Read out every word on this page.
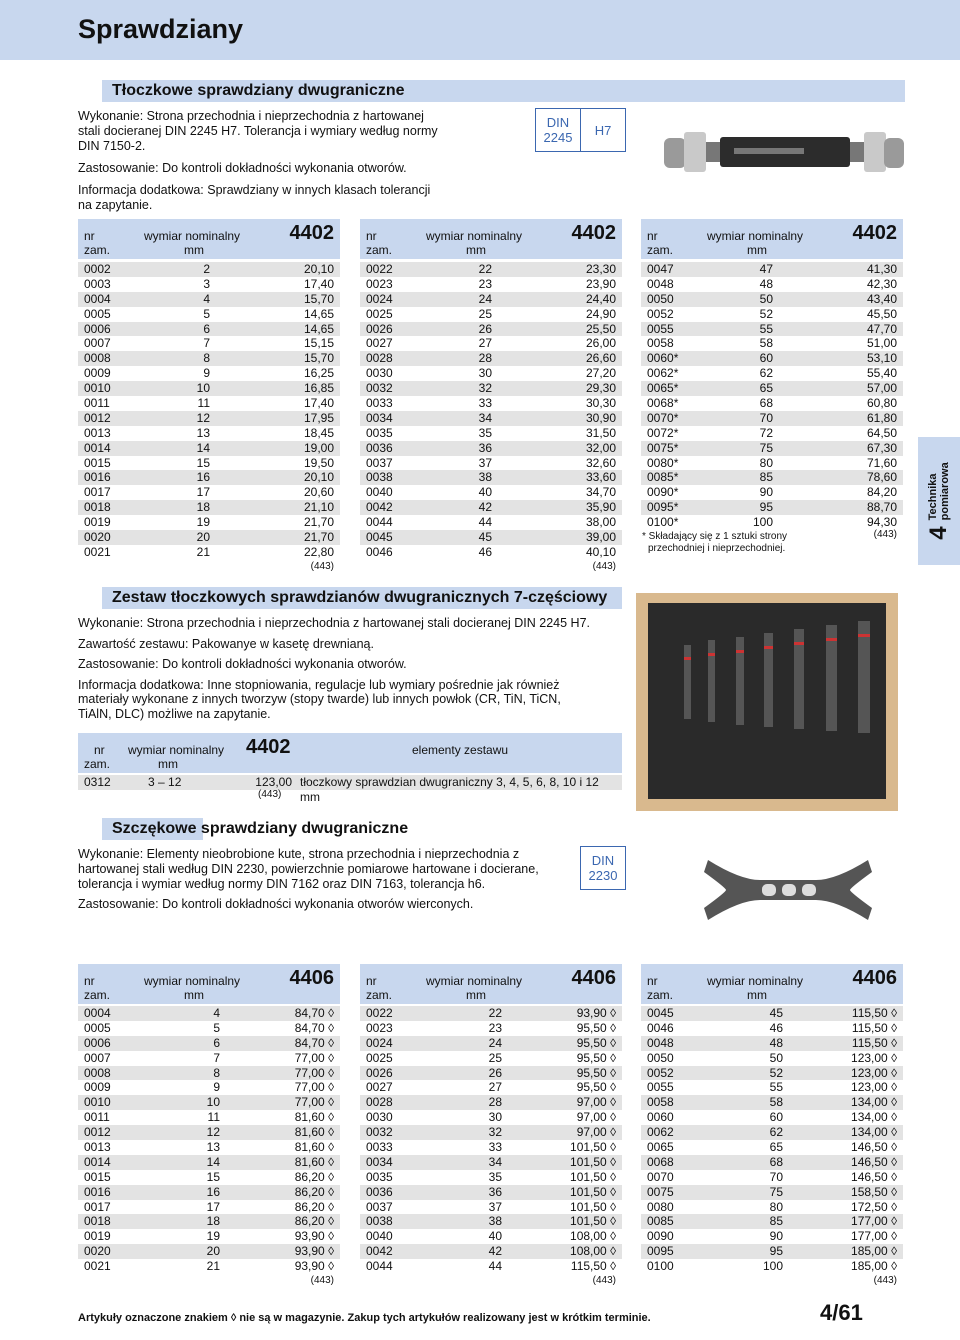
Sprawdziany
Tłoczkowe sprawdziany dwugraniczne
Wykonanie: Strona przechodnia i nieprzechodnia z hartowanej
stali docieranej DIN 2245 H7. Tolerancja i wymiary według normy
DIN 7150-2.
Zastosowanie: Do kontroli dokładności wykonania otworów.
Informacja dodatkowa: Sprawdziany w innych klasach tolerancji
na zapytanie.
DIN
2245	H7
nr
zam.
wymiar nominalny
mm
4402
0002	2	20,10
0003	3	17,40
0004	4	15,70
0005	5	14,65
0006	6	14,65
0007	7	15,15
0008	8	15,70
0009	9	16,25
0010	10	16,85
0011	11	17,40
0012	12	17,95
0013	13	18,45
0014	14	19,00
0015	15	19,50
0016	16	20,10
0017	17	20,60
0018	18	21,10
0019	19	21,70
0020	20	21,70
0021	21	22,80
(443)
nr
zam.
wymiar nominalny
mm
4402
0022	22	23,30
0023	23	23,90
0024	24	24,40
0025	25	24,90
0026	26	25,50
0027	27	26,00
0028	28	26,60
0030	30	27,20
0032	32	29,30
0033	33	30,30
0034	34	30,90
0035	35	31,50
0036	36	32,00
0037	37	32,60
0038	38	33,60
0040	40	34,70
0042	42	35,90
0044	44	38,00
0045	45	39,00
0046	46	40,10
(443)
nr
zam.
wymiar nominalny
mm
4402
0047	47	41,30
0048	48	42,30
0050	50	43,40
0052	52	45,50
0055	55	47,70
0058	58	51,00
0060*	60	53,10
0062*	62	55,40
0065*	65	57,00
0068*	68	60,80
0070*	70	61,80
0072*	72	64,50
0075*	75	67,30
0080*	80	71,60
0085*	85	78,60
0090*	90	84,20
0095*	95	88,70
0100*	100	94,30
* Składający się z 1 sztuki strony
przechodniej i nieprzechodniej.
(443) 4
Technika pomiarowa
Zestaw tłoczkowych sprawdzianów dwugranicznych 7-częściowy
Wykonanie: Strona przechodnia i nieprzechodnia z hartowanej stali docieranej DIN 2245 H7.
Zawartość zestawu: Pakowanye w kasetę drewnianą.
Zastosowanie: Do kontroli dokładności wykonania otworów.
Informacja dodatkowa: Inne stopniowania, regulacje lub wymiary pośrednie jak również
materiały wykonane z innych tworzyw (stopy twarde) lub innych powłok (CR, TiN, TiCN,
TiAlN, DLC) możliwe na zapytanie.
nr
zam.
wymiar nominalny
mm
4402	elementy zestawu
0312	3 – 12	123,00 tłoczkowy sprawdzian dwugraniczny 3, 4, 5, 6, 8, 10 i 12 mm
(443)
Szczękowe sprawdziany dwugraniczne
Wykonanie: Elementy nieobrobione kute, strona przechodnia i nieprzechodnia z
hartowanej stali według DIN 2230, powierzchnie pomiarowe hartowane i docierane,
tolerancja i wymiar według normy DIN 7162 oraz DIN 7163, tolerancja h6.
Zastosowanie: Do kontroli dokładności wykonania otworów wierconych.
DIN
2230
nr
zam.
wymiar nominalny
mm
4406
0004	4	84,70 ◊
0005	5	84,70 ◊
0006	6	84,70 ◊
0007	7	77,00 ◊
0008	8	77,00 ◊
0009	9	77,00 ◊
0010	10	77,00 ◊
0011	11	81,60 ◊
0012	12	81,60 ◊
0013	13	81,60 ◊
0014	14	81,60 ◊
0015	15	86,20 ◊
0016	16	86,20 ◊
0017	17	86,20 ◊
0018	18	86,20 ◊
0019	19	93,90 ◊
0020	20	93,90 ◊
0021	21	93,90 ◊
(443)
nr
zam.
wymiar nominalny
mm
4406
0022	22	93,90 ◊
0023	23	95,50 ◊
0024	24	95,50 ◊
0025	25	95,50 ◊
0026	26	95,50 ◊
0027	27	95,50 ◊
0028	28	97,00 ◊
0030	30	97,00 ◊
0032	32	97,00 ◊
0033	33	101,50 ◊
0034	34	101,50 ◊
0035	35	101,50 ◊
0036	36	101,50 ◊
0037	37	101,50 ◊
0038	38	101,50 ◊
0040	40	108,00 ◊
0042	42	108,00 ◊
0044	44	115,50 ◊
(443)
nr
zam.
wymiar nominalny
mm
4406
0045	45	115,50 ◊
0046	46	115,50 ◊
0048	48	115,50 ◊
0050	50	123,00 ◊
0052	52	123,00 ◊
0055	55	123,00 ◊
0058	58	134,00 ◊
0060	60	134,00 ◊
0062	62	134,00 ◊
0065	65	146,50 ◊
0068	68	146,50 ◊
0070	70	146,50 ◊
0075	75	158,50 ◊
0080	80	172,50 ◊
0085	85	177,00 ◊
0090	90	177,00 ◊
0095	95	185,00 ◊
0100	100	185,00 ◊
(443)
Artykuły oznaczone znakiem ◊ nie są w magazynie. Zakup tych artykułów realizowany jest w krótkim terminie.	4/61
